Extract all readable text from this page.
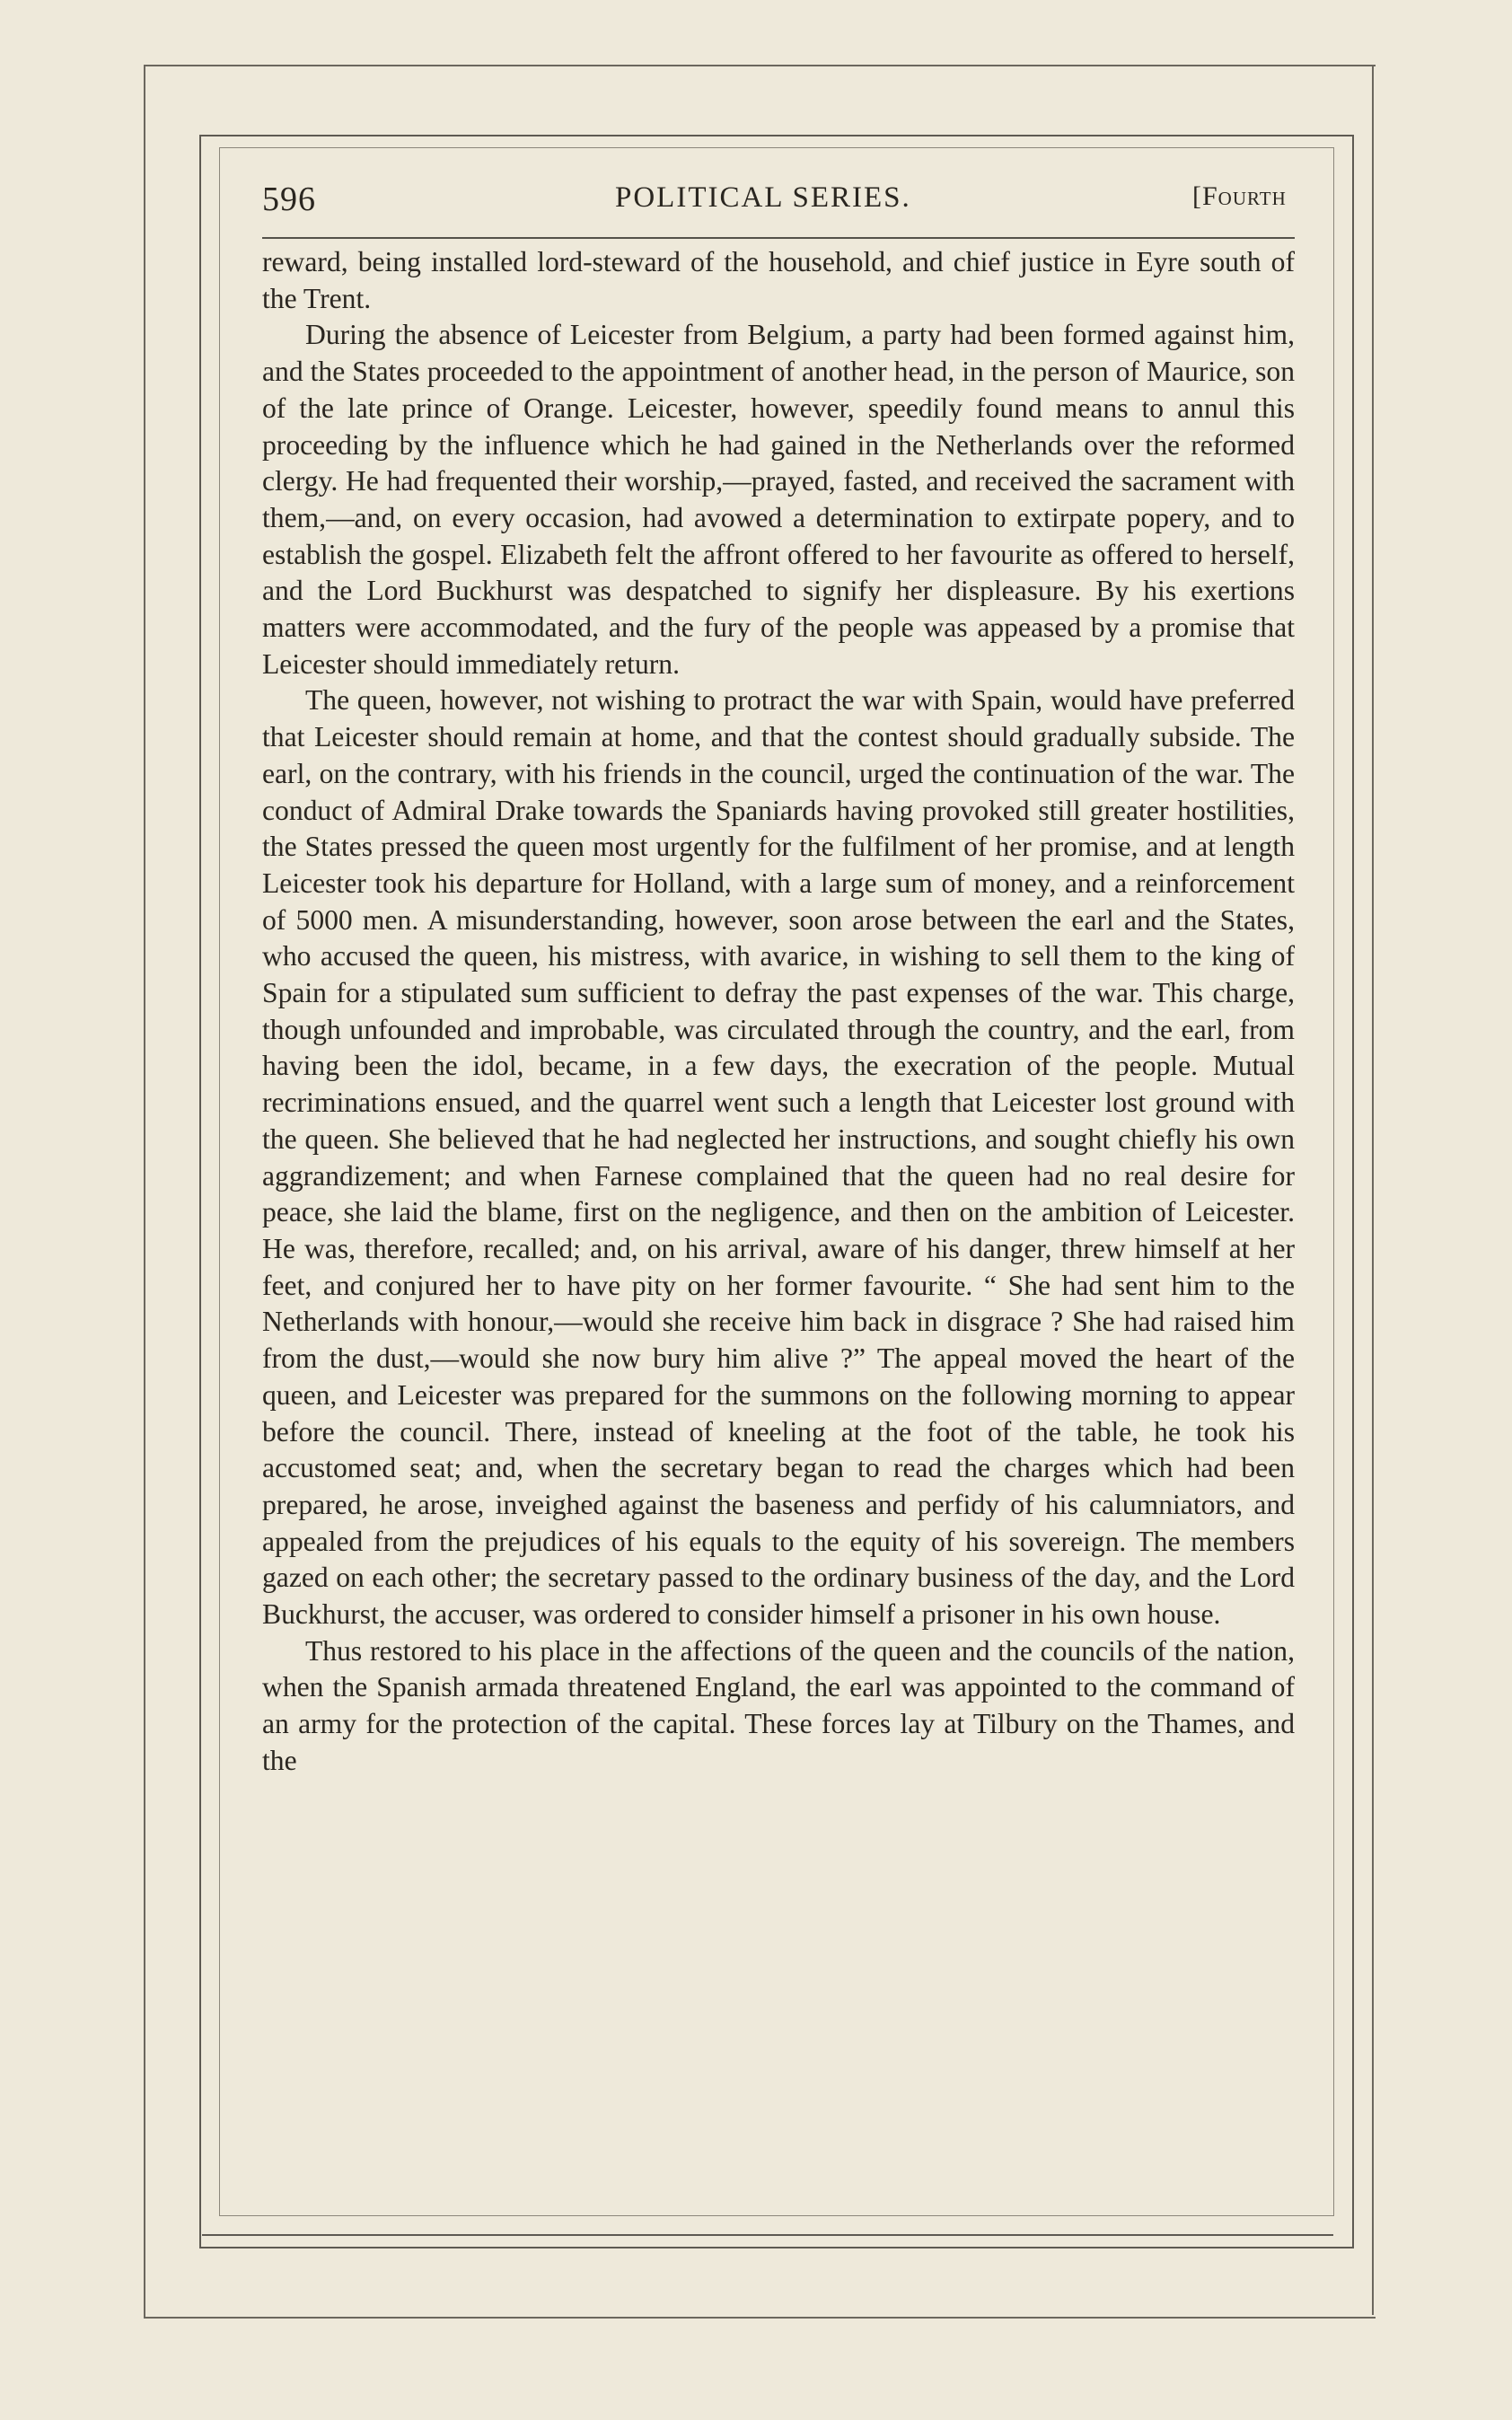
596	POLITICAL SERIES.	[Fourth

reward, being installed lord-steward of the household, and chief justice in Eyre south of the Trent.

During the absence of Leicester from Belgium, a party had been formed against him, and the States proceeded to the appointment of another head, in the person of Maurice, son of the late prince of Orange. Leicester, however, speedily found means to annul this proceeding by the influence which he had gained in the Netherlands over the reformed clergy. He had frequented their worship,—prayed, fasted, and received the sacrament with them,—and, on every occasion, had avowed a determination to extirpate popery, and to establish the gospel. Elizabeth felt the affront offered to her favourite as offered to herself, and the Lord Buckhurst was despatched to signify her displeasure. By his exertions matters were accommodated, and the fury of the people was appeased by a promise that Leicester should immediately return.

The queen, however, not wishing to protract the war with Spain, would have preferred that Leicester should remain at home, and that the contest should gradually subside. The earl, on the contrary, with his friends in the council, urged the continuation of the war. The conduct of Admiral Drake towards the Spaniards having provoked still greater hostilities, the States pressed the queen most urgently for the fulfilment of her promise, and at length Leicester took his departure for Holland, with a large sum of money, and a reinforcement of 5000 men. A misunderstanding, however, soon arose between the earl and the States, who accused the queen, his mistress, with avarice, in wishing to sell them to the king of Spain for a stipulated sum sufficient to defray the past expenses of the war. This charge, though unfounded and improbable, was circulated through the country, and the earl, from having been the idol, became, in a few days, the execration of the people. Mutual recriminations ensued, and the quarrel went such a length that Leicester lost ground with the queen. She believed that he had neglected her instructions, and sought chiefly his own aggrandizement; and when Farnese complained that the queen had no real desire for peace, she laid the blame, first on the negligence, and then on the ambition of Leicester. He was, therefore, recalled; and, on his arrival, aware of his danger, threw himself at her feet, and conjured her to have pity on her former favourite. “ She had sent him to the Netherlands with honour,—would she receive him back in disgrace ? She had raised him from the dust,—would she now bury him alive ?” The appeal moved the heart of the queen, and Leicester was prepared for the summons on the following morning to appear before the council. There, instead of kneeling at the foot of the table, he took his accustomed seat; and, when the secretary began to read the charges which had been prepared, he arose, inveighed against the baseness and perfidy of his calumniators, and appealed from the prejudices of his equals to the equity of his sovereign. The members gazed on each other; the secretary passed to the ordinary business of the day, and the Lord Buckhurst, the accuser, was ordered to consider himself a prisoner in his own house.

Thus restored to his place in the affections of the queen and the councils of the nation, when the Spanish armada threatened England, the earl was appointed to the command of an army for the protection of the capital. These forces lay at Tilbury on the Thames, and the
